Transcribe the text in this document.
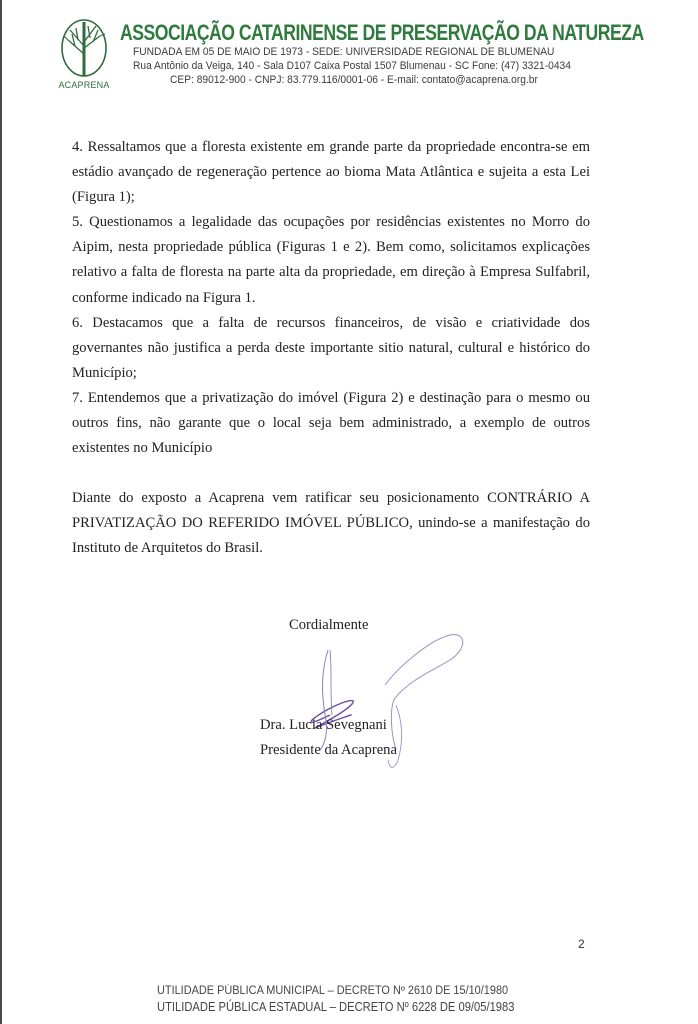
ACAPRENA
ASSOCIAÇÃO CATARINENSE DE PRESERVAÇÃO DA NATUREZA
FUNDADA EM 05 DE MAIO DE 1973 - SEDE: UNIVERSIDADE REGIONAL DE BLUMENAU
Rua Antônio da Veiga, 140 - Sala D107 Caixa Postal 1507 Blumenau - SC Fone: (47) 3321-0434
CEP: 89012-900 - CNPJ: 83.779.116/0001-06 - E-mail: contato@acaprena.org.br

4. Ressaltamos que a floresta existente em grande parte da propriedade encontra-se em estádio avançado de regeneração pertence ao bioma Mata Atlântica e sujeita a esta Lei (Figura 1);

5. Questionamos a legalidade das ocupações por residências existentes no Morro do Aipim, nesta propriedade pública (Figuras 1 e 2). Bem como, solicitamos explicações relativo a falta de floresta na parte alta da propriedade, em direção à Empresa Sulfabril, conforme indicado na Figura 1.

6. Destacamos que a falta de recursos financeiros, de visão e criatividade dos governantes não justifica a perda deste importante sitio natural, cultural e histórico do Município;

7. Entendemos que a privatização do imóvel (Figura 2) e destinação para o mesmo ou outros fins, não garante que o local seja bem administrado, a exemplo de outros existentes no Município

Diante do exposto a Acaprena vem ratificar seu posicionamento CONTRÁRIO A PRIVATIZAÇÃO DO REFERIDO IMÓVEL PÚBLICO, unindo-se a manifestação do Instituto de Arquitetos do Brasil.
Cordialmente
Dra. Lucia Sevegnani
Presidente da Acaprena
2
UTILIDADE PÚBLICA MUNICIPAL – DECRETO Nº 2610 DE 15/10/1980
UTILIDADE PÚBLICA ESTADUAL – DECRETO Nº 6228 DE 09/05/1983
